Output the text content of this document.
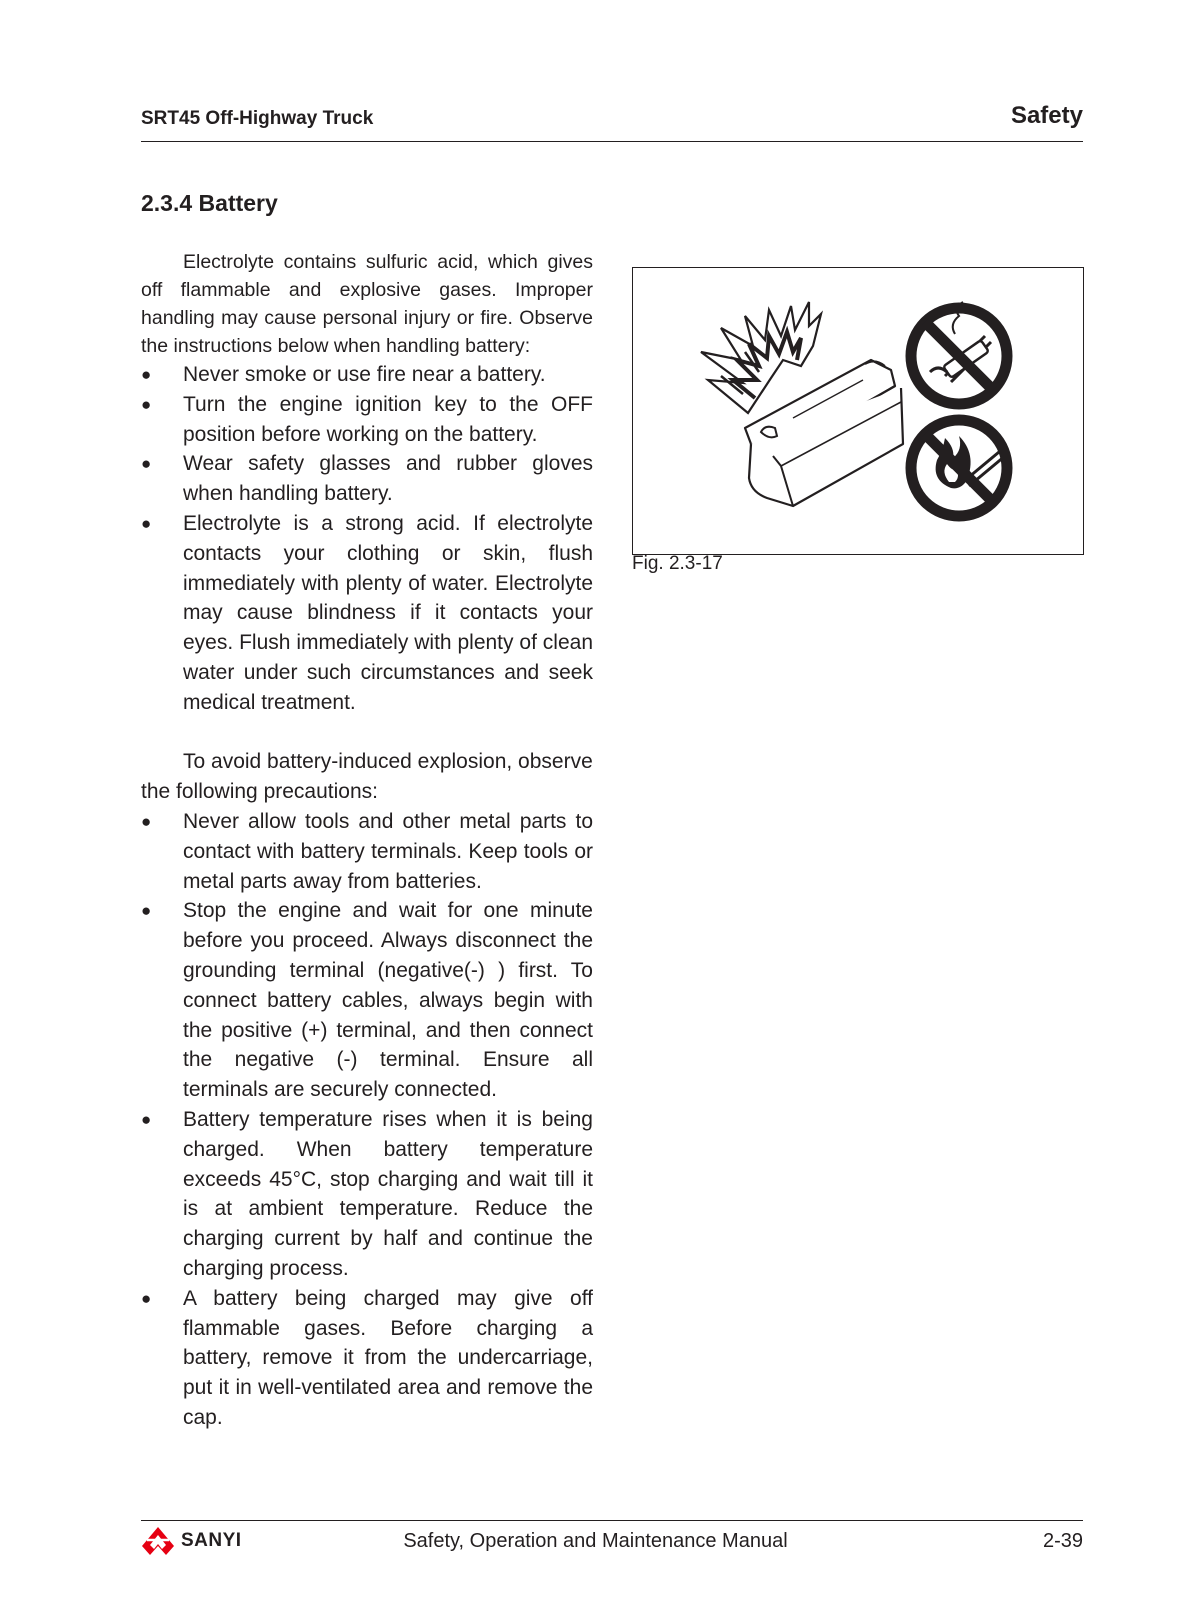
SRT45 Off-Highway Truck	Safety
2.3.4 Battery

Electrolyte contains sulfuric acid, which gives off flammable and explosive gases. Improper handling may cause personal injury or fire. Observe the instructions below when handling battery:

● Never smoke or use fire near a battery.
● Turn the engine ignition key to the OFF position before working on the battery.
● Wear safety glasses and rubber gloves when handling battery.
● Electrolyte is a strong acid. If electrolyte contacts your clothing or skin, flush immediately with plenty of water. Electrolyte may cause blindness if it contacts your eyes. Flush immediately with plenty of clean water under such circumstances and seek medical treatment.

To avoid battery-induced explosion, observe

the following precautions:

● Never allow tools and other metal parts to contact with battery terminals. Keep tools or metal parts away from batteries.
● Stop the engine and wait for one minute before you proceed. Always disconnect the grounding terminal (negative(-) ) first. To connect battery cables, always begin with the positive (+) terminal, and then connect the negative (-) terminal. Ensure all terminals are securely connected.
● Battery temperature rises when it is being charged. When battery temperature exceeds 45°C, stop charging and wait till it is at ambient temperature. Reduce the charging current by half and continue the charging process.
● A battery being charged may give off flammable gases. Before charging a battery, remove it from the undercarriage, put it in well-ventilated area and remove the cap.
Fig. 2.3-17
SANYI	Safety, Operation and Maintenance Manual	2-39
